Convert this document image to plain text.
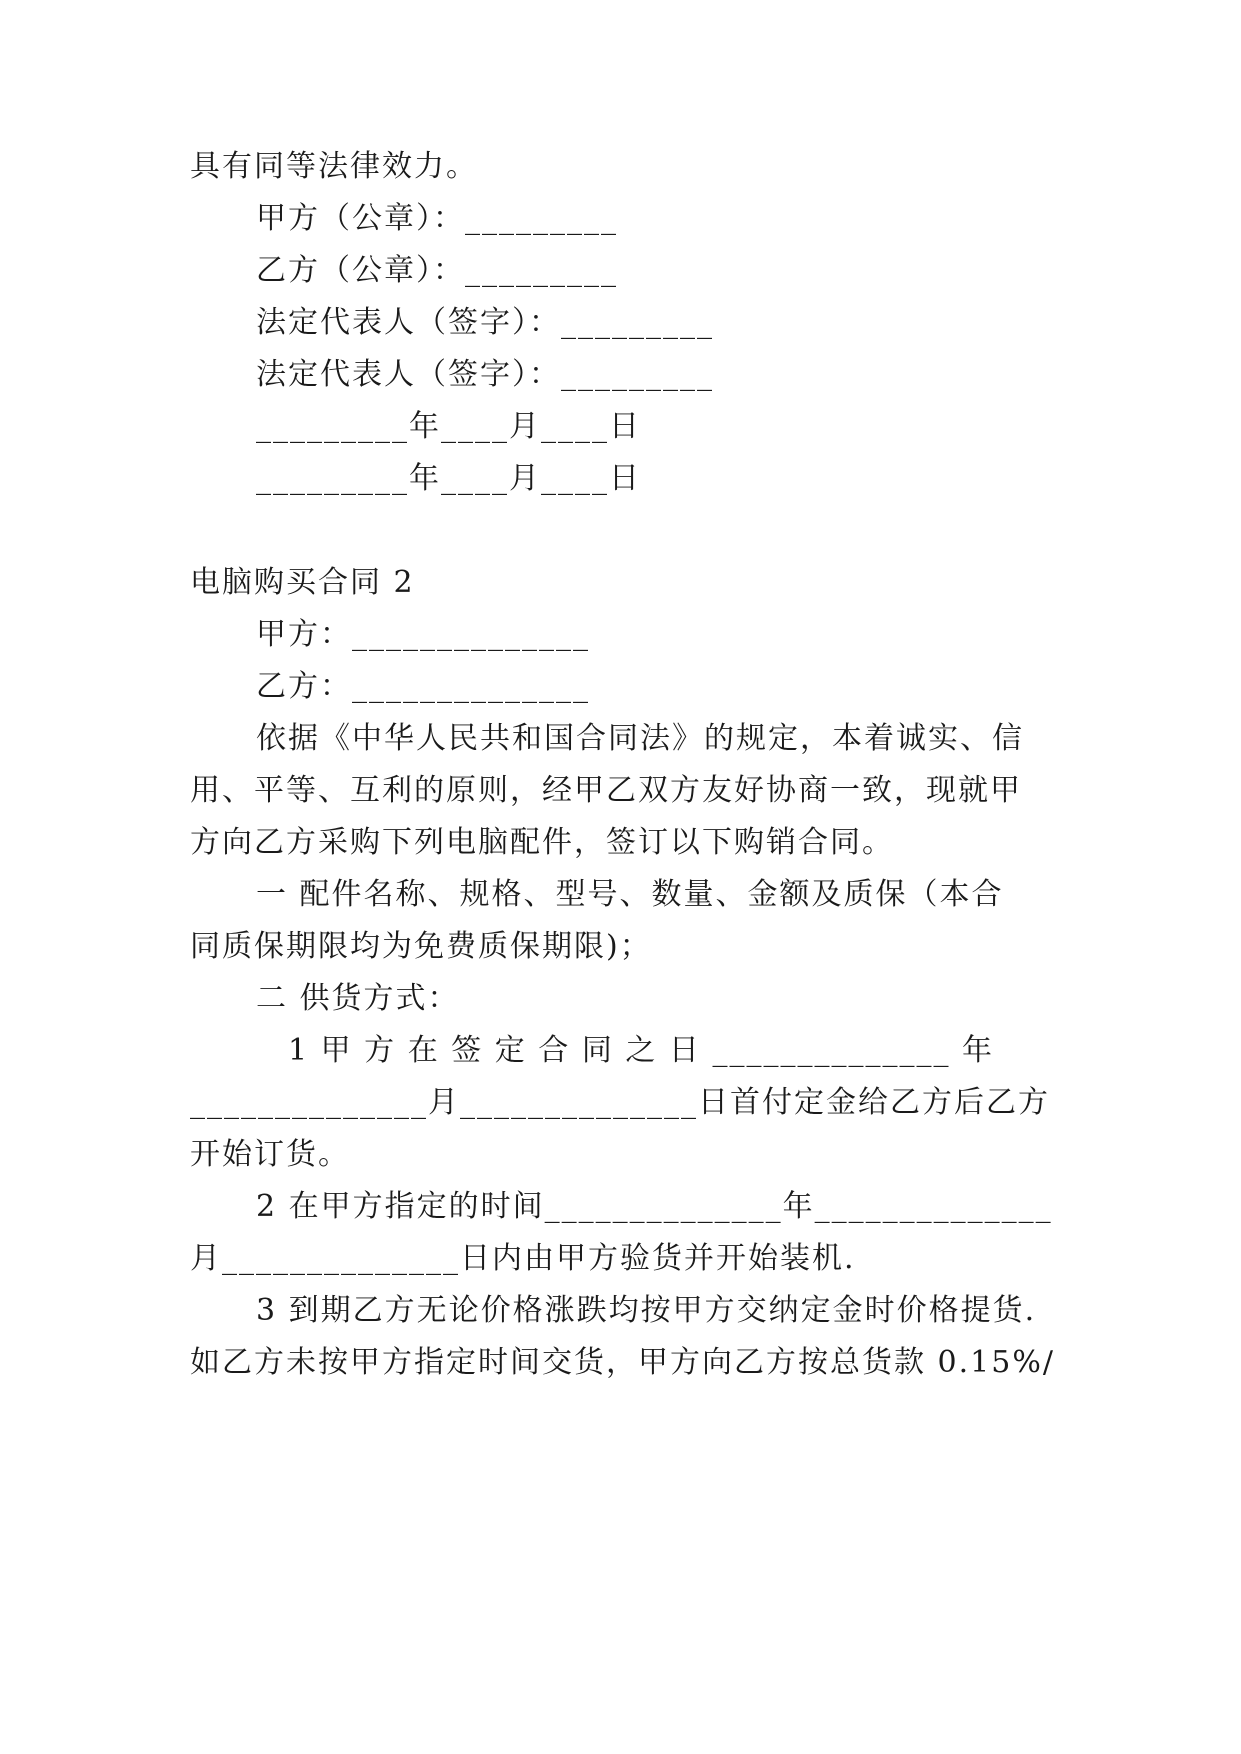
具有同等法律效力。
甲方（公章）：_________
乙方（公章）：_________
法定代表人（签字）：_________
法定代表人（签字）：_________
_________年____月____日
_________年____月____日
电脑购买合同 2
甲方：______________
乙方：______________
依据《中华人民共和国合同法》的规定，本着诚实、信
用、平等、互利的原则，经甲乙双方友好协商一致，现就甲
方向乙方采购下列电脑配件，签订以下购销合同。
一 配件名称、规格、型号、数量、金额及质保（本合
同质保期限均为免费质保期限)；
二 供货方式：
1 甲 方 在 签 定 合 同 之 日 ______________ 年
______________月______________日首付定金给乙方后乙方
开始订货。
2 在甲方指定的时间______________年______________
月______________日内由甲方验货并开始装机.
3 到期乙方无论价格涨跌均按甲方交纳定金时价格提货.
如乙方未按甲方指定时间交货，甲方向乙方按总货款 0.15%/
